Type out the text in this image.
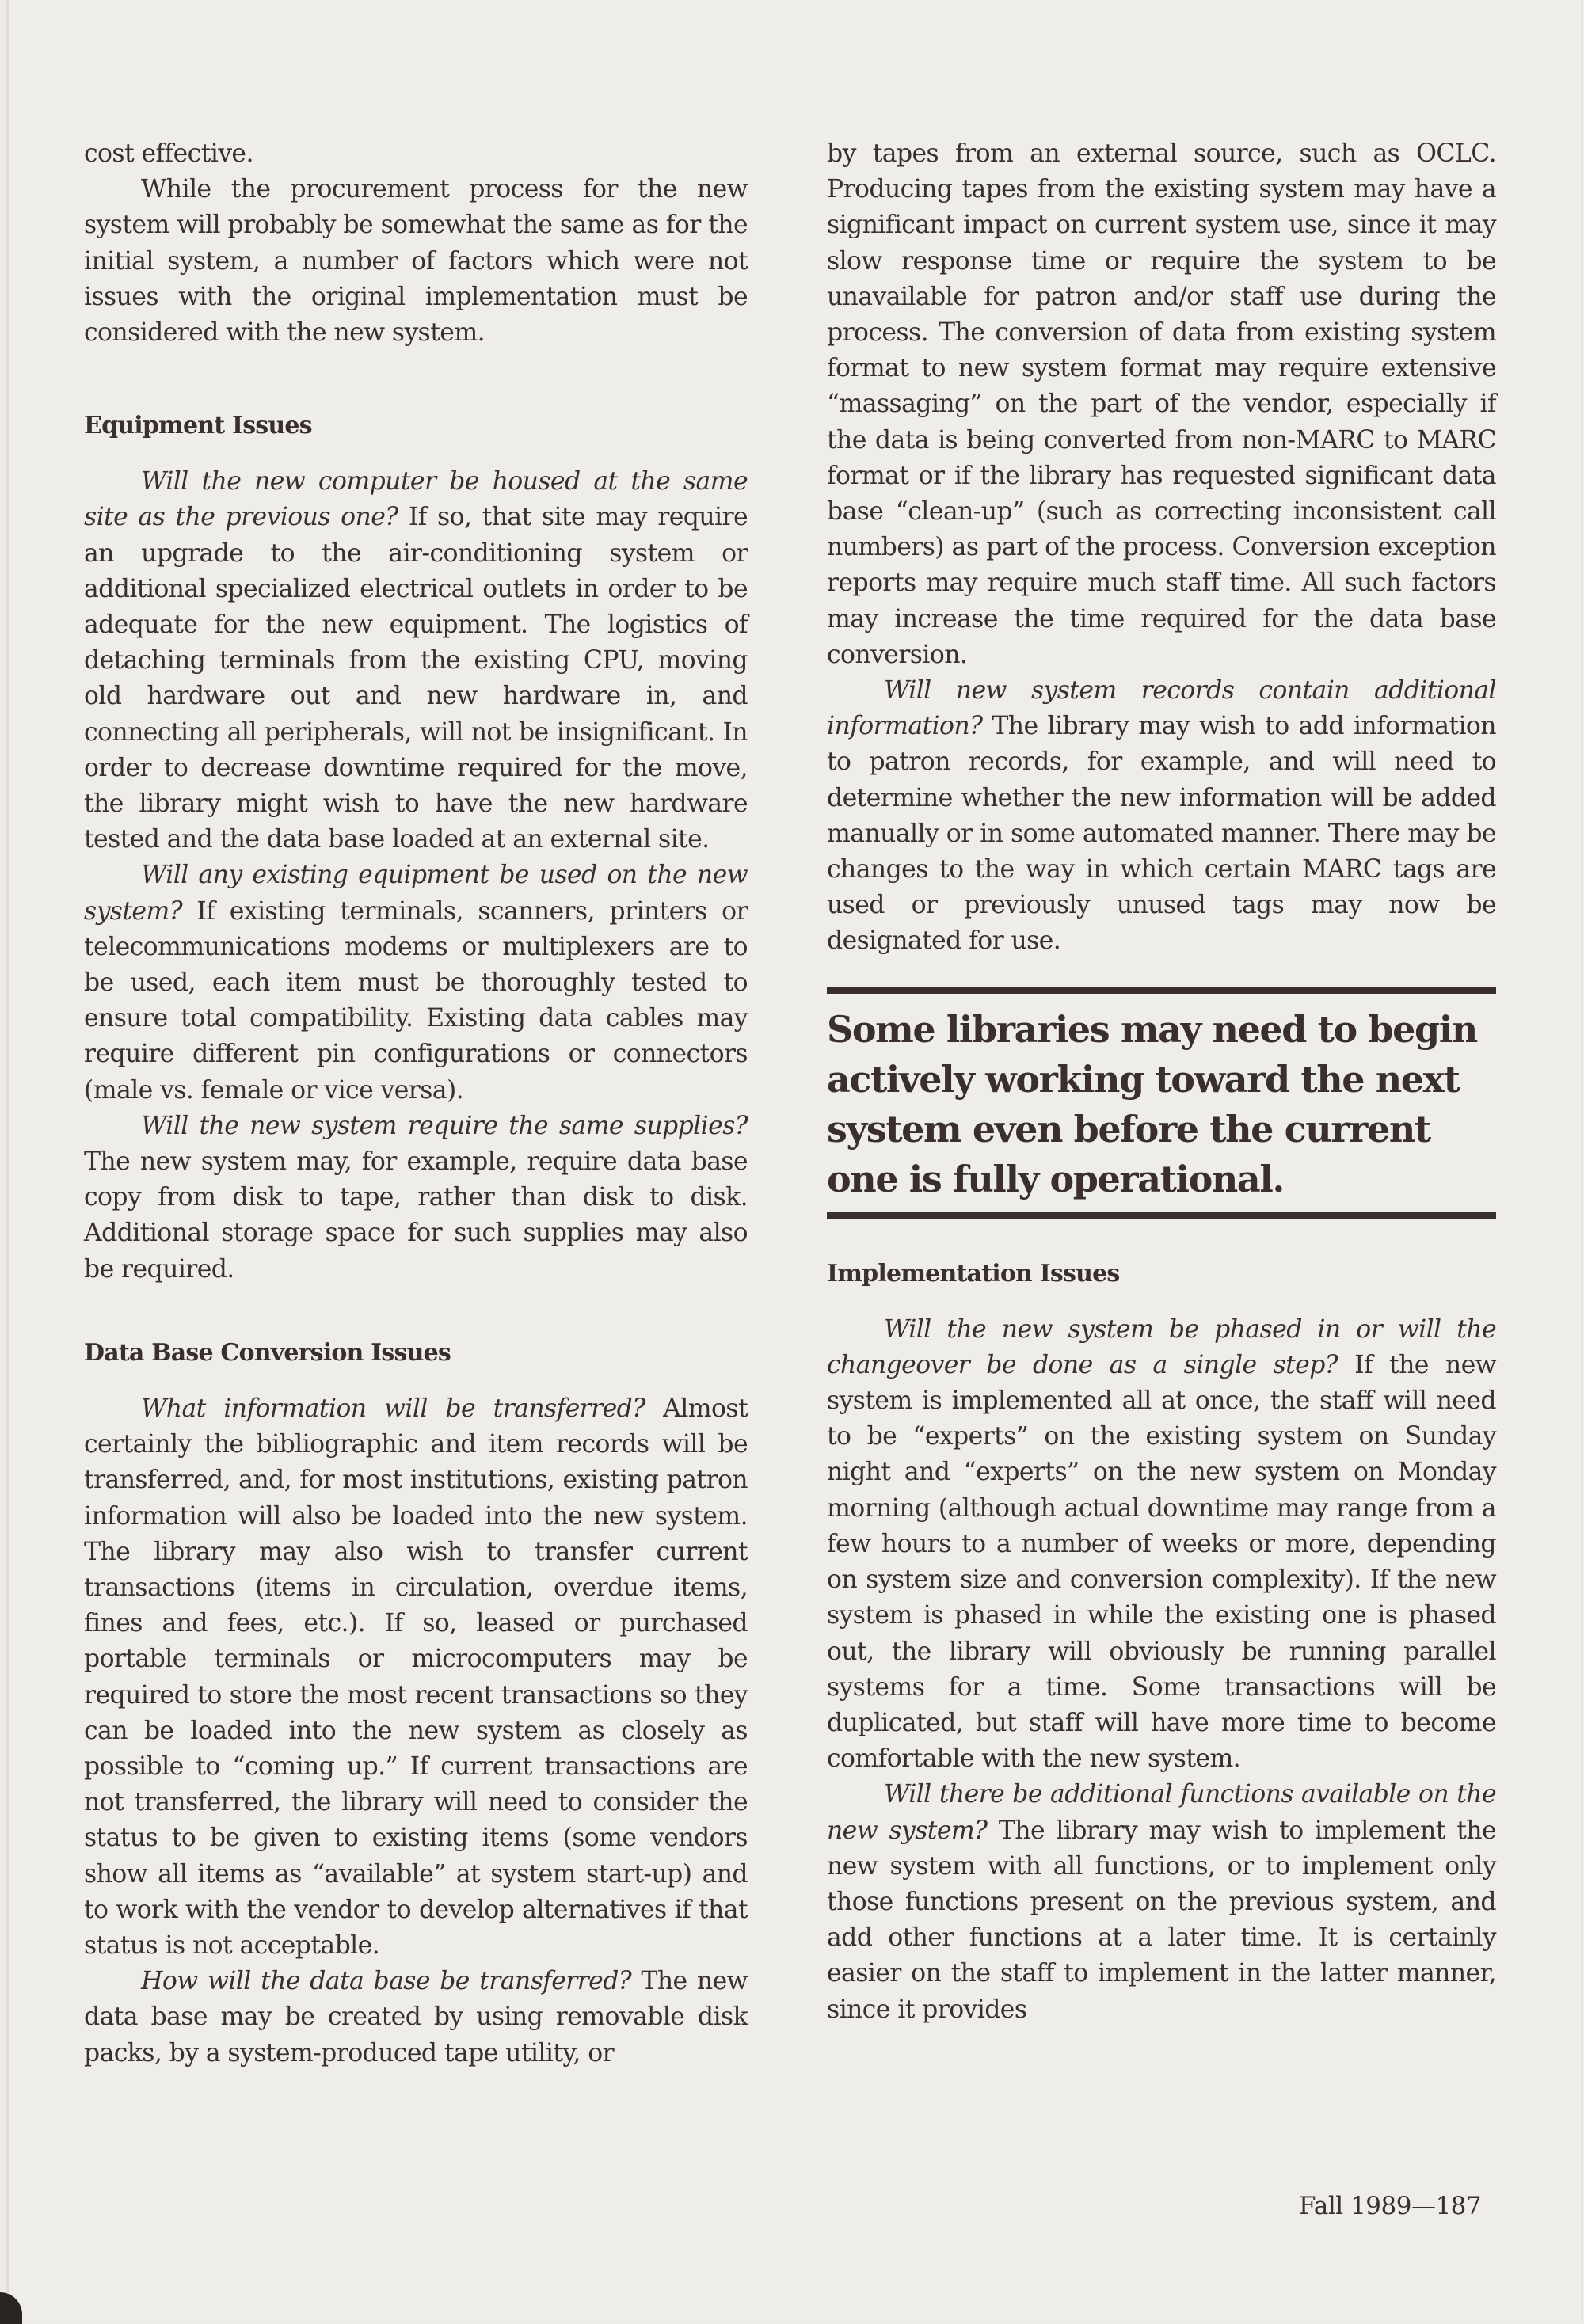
cost effective.

While the procurement process for the new system will probably be somewhat the same as for the initial system, a number of factors which were not issues with the original implementation must be considered with the new system.

Equipment Issues

Will the new computer be housed at the same site as the previous one? If so, that site may require an upgrade to the air-conditioning system or additional specialized electrical outlets in order to be adequate for the new equipment. The logistics of detaching terminals from the existing CPU, moving old hardware out and new hardware in, and connecting all peripherals, will not be insignificant. In order to decrease downtime required for the move, the library might wish to have the new hardware tested and the data base loaded at an external site.

Will any existing equipment be used on the new system? If existing terminals, scanners, printers or telecommunications modems or multiplexers are to be used, each item must be thoroughly tested to ensure total compatibility. Existing data cables may require different pin configurations or connectors (male vs. female or vice versa).

Will the new system require the same supplies? The new system may, for example, require data base copy from disk to tape, rather than disk to disk. Additional storage space for such supplies may also be required.

Data Base Conversion Issues

What information will be transferred? Almost certainly the bibliographic and item records will be transferred, and, for most institutions, existing patron information will also be loaded into the new system. The library may also wish to transfer current transactions (items in circulation, overdue items, fines and fees, etc.). If so, leased or purchased portable terminals or microcomputers may be required to store the most recent transactions so they can be loaded into the new system as closely as possible to “coming up.” If current transactions are not transferred, the library will need to consider the status to be given to existing items (some vendors show all items as “available” at system start-up) and to work with the vendor to develop alternatives if that status is not acceptable.

How will the data base be transferred? The new data base may be created by using removable disk packs, by a system-produced tape utility, or

by tapes from an external source, such as OCLC. Producing tapes from the existing system may have a significant impact on current system use, since it may slow response time or require the system to be unavailable for patron and/or staff use during the process. The conversion of data from existing system format to new system format may require extensive “massaging” on the part of the vendor, especially if the data is being converted from non-MARC to MARC format or if the library has requested significant data base “clean-up” (such as correcting inconsistent call numbers) as part of the process. Conversion exception reports may require much staff time. All such factors may increase the time required for the data base conversion.

Will new system records contain additional information? The library may wish to add information to patron records, for example, and will need to determine whether the new information will be added manually or in some automated manner. There may be changes to the way in which certain MARC tags are used or previously unused tags may now be designated for use.

Some libraries may need to begin actively working toward the next system even before the current one is fully operational.
Implementation Issues

Will the new system be phased in or will the changeover be done as a single step? If the new system is implemented all at once, the staff will need to be “experts” on the existing system on Sunday night and “experts” on the new system on Monday morning (although actual downtime may range from a few hours to a number of weeks or more, depending on system size and conversion complexity). If the new system is phased in while the existing one is phased out, the library will obviously be running parallel systems for a time. Some transactions will be duplicated, but staff will have more time to become comfortable with the new system.

Will there be additional functions available on the new system? The library may wish to implement the new system with all functions, or to implement only those functions present on the previous system, and add other functions at a later time. It is certainly easier on the staff to implement in the latter manner, since it provides

Fall 1989—187
